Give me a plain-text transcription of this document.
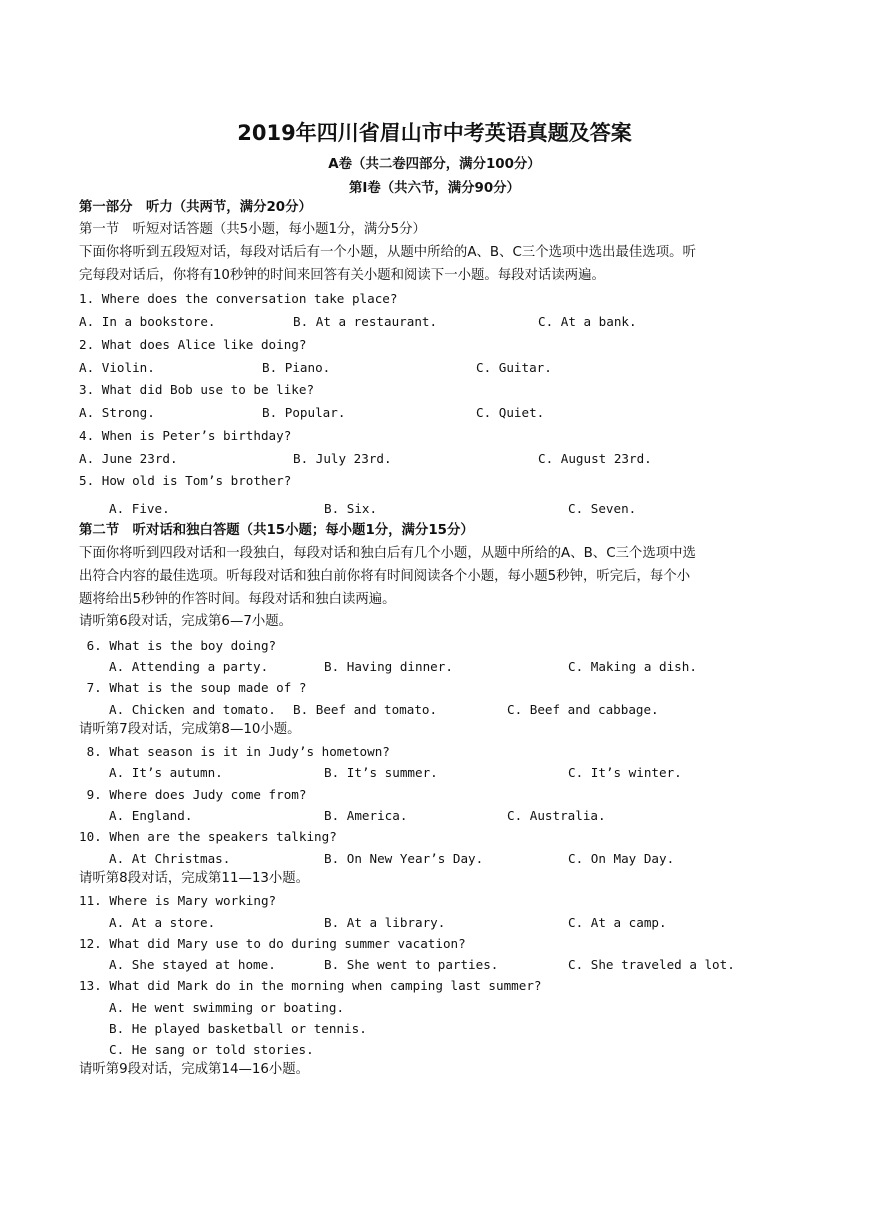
2019年四川省眉山市中考英语真题及答案
A卷（共二卷四部分，满分100分）
第Ⅰ卷（共六节，满分90分）
第一部分　听力（共两节，满分20分）
第一节　听短对话答题（共5小题，每小题1分，满分5分）
下面你将听到五段短对话，每段对话后有一个小题，从题中所给的A、B、C三个选项中选出最佳选项。听
完每段对话后，你将有10秒钟的时间来回答有关小题和阅读下一小题。每段对话读两遍。
1. Where does the conversation take place?
A. In a bookstore.	B. At a restaurant.	C. At a bank.
2. What does Alice like doing?
A. Violin.	B. Piano.	C. Guitar.
3. What did Bob use to be like?
A. Strong.	B. Popular.	C. Quiet.
4. When is Peter’s birthday?
A. June 23rd.	B. July 23rd.	C. August 23rd.
5. How old is Tom’s brother?
A. Five.	B. Six.	C. Seven.
第二节　听对话和独白答题（共15小题；每小题1分，满分15分）
下面你将听到四段对话和一段独白，每段对话和独白后有几个小题，从题中所给的A、B、C三个选项中选
出符合内容的最佳选项。听每段对话和独白前你将有时间阅读各个小题，每小题5秒钟，听完后，每个小
题将给出5秒钟的作答时间。每段对话和独白读两遍。
请听第6段对话，完成第6—7小题。
6. What is the boy doing?
A. Attending a party.	B. Having dinner.	C. Making a dish.
7. What is the soup made of ?
A. Chicken and tomato. B. Beef and tomato.	C. Beef and cabbage.
请听第7段对话，完成第8—10小题。
8. What season is it in Judy’s hometown?
A. It’s autumn.	B. It’s summer.	C. It’s winter.
9. Where does Judy come from?
A. England.	B. America.	C. Australia.
10. When are the speakers talking?
A. At Christmas.	B. On New Year’s Day.	C. On May Day.
请听第8段对话，完成第11—13小题。
11. Where is Mary working?
A. At a store.	B. At a library.	C. At a camp.
12. What did Mary use to do during summer vacation?
A. She stayed at home.	B. She went to parties.	C. She traveled a lot.
13. What did Mark do in the morning when camping last summer?
A. He went swimming or boating.
B. He played basketball or tennis.
C. He sang or told stories.
请听第9段对话，完成第14—16小题。
